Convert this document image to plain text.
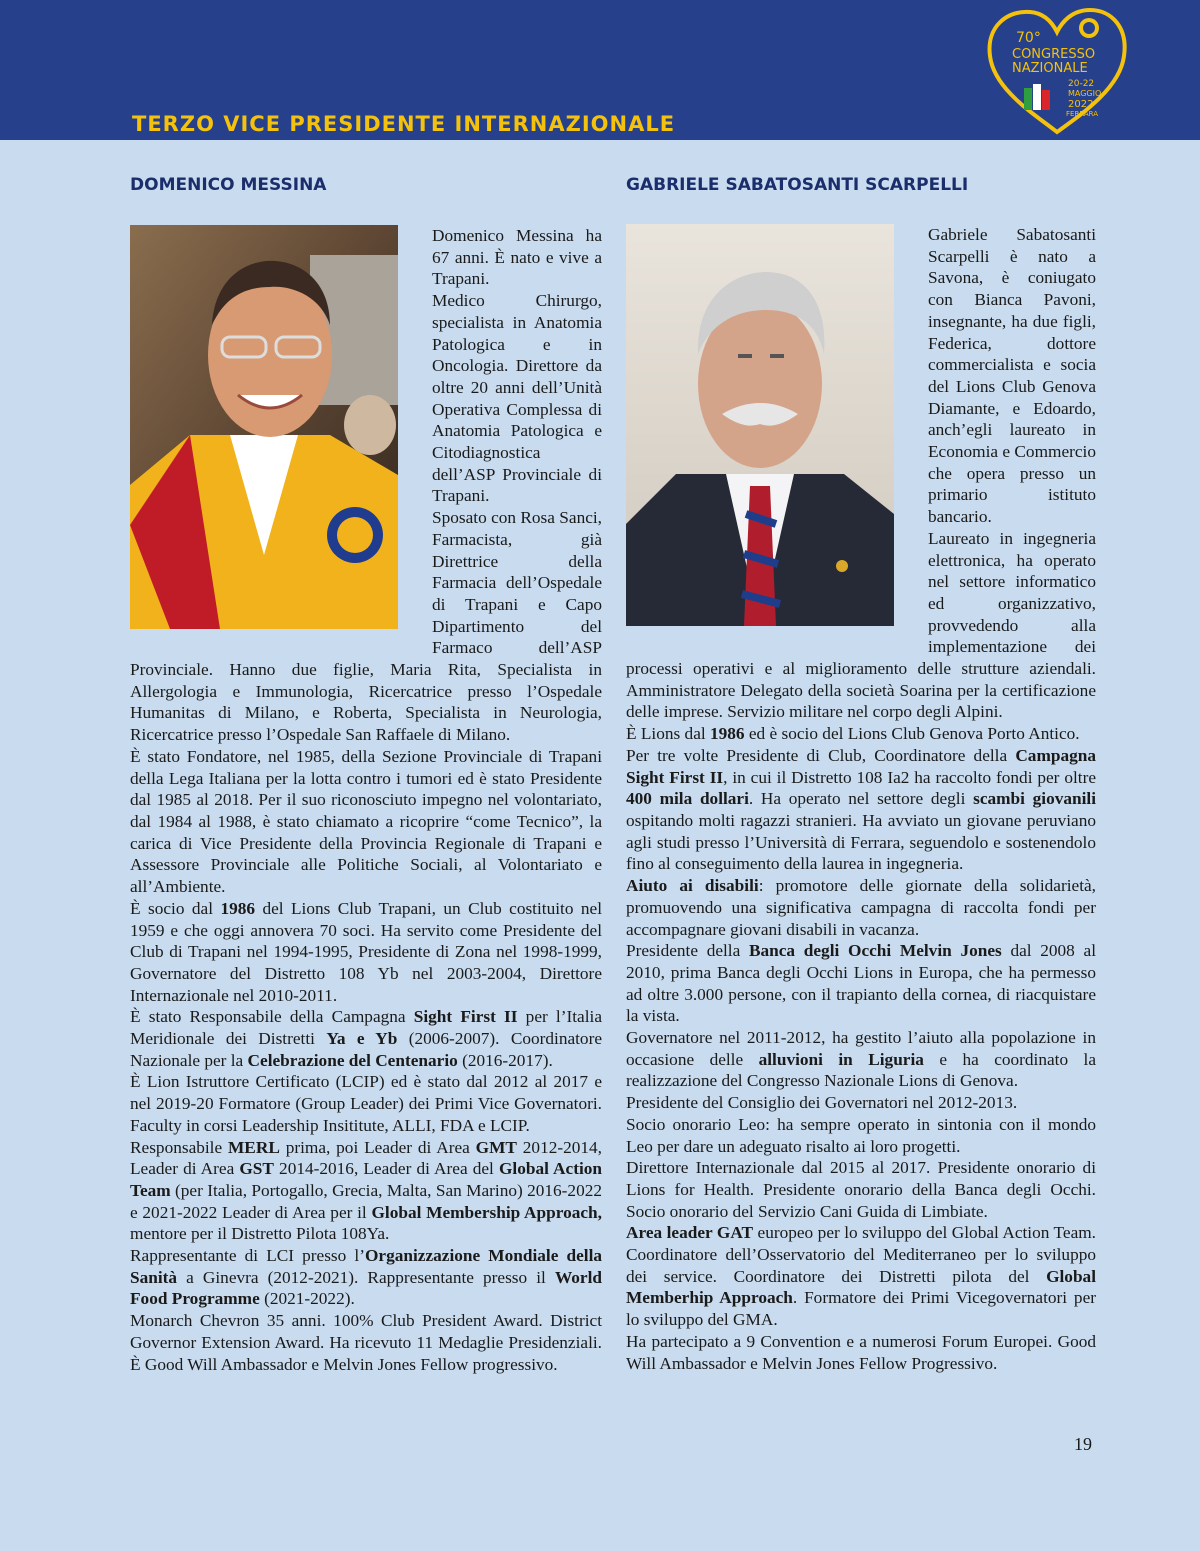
TERZO VICE PRESIDENTE INTERNAZIONALE
70°
CONGRESSO
NAZIONALE
20-22
MAGGIO
2022
FERRARA
DOMENICO MESSINA

Domenico Messina ha 67 anni. È nato e vive a Trapani.

Medico Chirurgo, specialista in Anatomia Patologica e in Oncologia. Direttore da oltre 20 anni dell’Unità Operativa Complessa di Anatomia Patologica e Citodiagnostica dell’ASP Provinciale di Trapani.

Sposato con Rosa Sanci, Farmacista, già Direttrice della Farmacia dell’Ospedale di Trapani e Capo Dipartimento del Farmaco dell’ASP Provinciale. Hanno due figlie, Maria Rita, Specialista in Allergologia e Immunologia, Ricercatrice presso l’Ospedale Humanitas di Milano, e Roberta, Specialista in Neurologia, Ricercatrice presso l’Ospedale San Raffaele di Milano.

È stato Fondatore, nel 1985, della Sezione Provinciale di Trapani della Lega Italiana per la lotta contro i tumori ed è stato Presidente dal 1985 al 2018. Per il suo riconosciuto impegno nel volontariato, dal 1984 al 1988, è stato chiamato a ricoprire “come Tecnico”, la carica di Vice Presidente della Provincia Regionale di Trapani e Assessore Provinciale alle Politiche Sociali, al Volontariato e all’Ambiente.

È socio dal 1986 del Lions Club Trapani, un Club costituito nel 1959 e che oggi annovera 70 soci. Ha servito come Presidente del Club di Trapani nel 1994-1995, Presidente di Zona nel 1998-1999, Governatore del Distretto 108 Yb nel 2003-2004, Direttore Internazionale nel 2010-2011.

È stato Responsabile della Campagna Sight First II per l’Italia Meridionale dei Distretti Ya e Yb (2006-2007). Coordinatore Nazionale per la Celebrazione del Centenario (2016-2017).

È Lion Istruttore Certificato (LCIP) ed è stato dal 2012 al 2017 e nel 2019-20 Formatore (Group Leader) dei Primi Vice Governatori. Faculty in corsi Leadership Insititute, ALLI, FDA e LCIP.

Responsabile MERL prima, poi Leader di Area GMT 2012-2014, Leader di Area GST 2014-2016, Leader di Area del Global Action Team (per Italia, Portogallo, Grecia, Malta, San Marino) 2016-2022 e 2021-2022 Leader di Area per il Global Membership Approach, mentore per il Distretto Pilota 108Ya.

Rappresentante di LCI presso l’Organizzazione Mondiale della Sanità a Ginevra (2012-2021). Rappresentante presso il World Food Programme (2021-2022).

Monarch Chevron 35 anni. 100% Club President Award. District Governor Extension Award. Ha ricevuto 11 Medaglie Presidenziali. È Good Will Ambassador e Melvin Jones Fellow progressivo.

GABRIELE SABATOSANTI SCARPELLI

Gabriele Sabatosanti Scarpelli è nato a Savona, è coniugato con Bianca Pavoni, insegnante, ha due figli, Federica, dottore commercialista e socia del Lions Club Genova Diamante, e Edoardo, anch’egli laureato in Economia e Commercio che opera presso un primario istituto bancario.

Laureato in ingegneria elettronica, ha operato nel settore informatico ed organizzativo, provvedendo alla implementazione dei processi operativi e al miglioramento delle strutture aziendali. Amministratore Delegato della società Soarina per la certificazione delle imprese. Servizio militare nel corpo degli Alpini.

È Lions dal 1986 ed è socio del Lions Club Genova Porto Antico.

Per tre volte Presidente di Club, Coordinatore della Campagna Sight First II, in cui il Distretto 108 Ia2 ha raccolto fondi per oltre 400 mila dollari. Ha operato nel settore degli scambi giovanili ospitando molti ragazzi stranieri. Ha avviato un giovane peruviano agli studi presso l’Università di Ferrara, seguendolo e sostenendolo fino al conseguimento della laurea in ingegneria.

Aiuto ai disabili: promotore delle giornate della solidarietà, promuovendo una significativa campagna di raccolta fondi per accompagnare giovani disabili in vacanza.

Presidente della Banca degli Occhi Melvin Jones dal 2008 al 2010, prima Banca degli Occhi Lions in Europa, che ha permesso ad oltre 3.000 persone, con il trapianto della cornea, di riacquistare la vista.

Governatore nel 2011-2012, ha gestito l’aiuto alla popolazione in occasione delle alluvioni in Liguria e ha coordinato la realizzazione del Congresso Nazionale Lions di Genova.

Presidente del Consiglio dei Governatori nel 2012-2013.

Socio onorario Leo: ha sempre operato in sintonia con il mondo Leo per dare un adeguato risalto ai loro progetti.

Direttore Internazionale dal 2015 al 2017. Presidente onorario di Lions for Health. Presidente onorario della Banca degli Occhi. Socio onorario del Servizio Cani Guida di Limbiate.

Area leader GAT europeo per lo sviluppo del Global Action Team. Coordinatore dell’Osservatorio del Mediterraneo per lo sviluppo dei service. Coordinatore dei Distretti pilota del Global Memberhip Approach. Formatore dei Primi Vicegovernatori per lo sviluppo del GMA.

Ha partecipato a 9 Convention e a numerosi Forum Europei. Good Will Ambassador e Melvin Jones Fellow Progressivo.

19
